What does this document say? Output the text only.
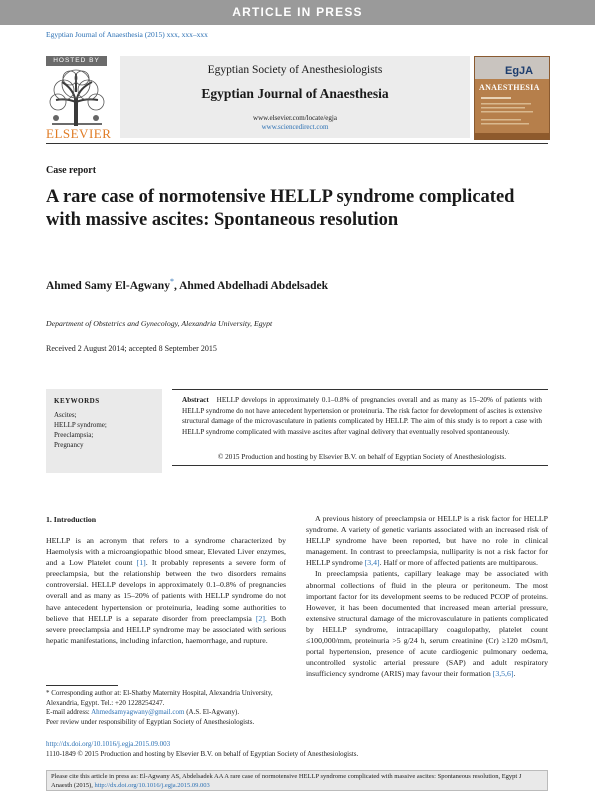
ARTICLE IN PRESS
Egyptian Journal of Anaesthesia (2015) xxx, xxx–xxx
HOSTED BY
ELSEVIER
Egyptian Society of Anesthesiologists
Egyptian Journal of Anaesthesia
www.elsevier.com/locate/egja
www.sciencedirect.com
EgJA
ANAESTHESIA
Case report
A rare case of normotensive HELLP syndrome complicated with massive ascites: Spontaneous resolution
Ahmed Samy El-Agwany*, Ahmed Abdelhadi Abdelsadek
Department of Obstetrics and Gynecology, Alexandria University, Egypt
Received 2 August 2014; accepted 8 September 2015
KEYWORDS
Ascites;
HELLP syndrome;
Preeclampsia;
Pregnancy
Abstract HELLP develops in approximately 0.1–0.8% of pregnancies overall and as many as 15–20% of patients with HELLP syndrome do not have antecedent hypertension or proteinuria. The risk factor for development of ascites is extensive structural damage of the microvasculature in patients complicated by HELLP. The aim of this study is to report a case with HELLP syndrome complicated with massive ascites after vaginal delivery that eventually resolved spontaneously.
© 2015 Production and hosting by Elsevier B.V. on behalf of Egyptian Society of Anesthesiologists.
1. Introduction

HELLP is an acronym that refers to a syndrome characterized by Haemolysis with a microangiopathic blood smear, Elevated Liver enzymes, and a Low Platelet count [1]. It probably represents a severe form of preeclampsia, but the relationship between the two disorders remains controversial. HELLP develops in approximately 0.1–0.8% of pregnancies overall and as many as 15–20% of patients with HELLP syndrome do not have antecedent hypertension or proteinuria, leading some authorities to believe that HELLP is a separate disorder from preeclampsia [2]. Both severe preeclampsia and HELLP syndrome may be associated with serious hepatic manifestations, including infarction, haemorrhage, and rupture.

A previous history of preeclampsia or HELLP is a risk factor for HELLP syndrome. A variety of genetic variants associated with an increased risk of HELLP syndrome have been reported, but have no role in clinical management. In contrast to preeclampsia, nulliparity is not a risk factor for HELLP syndrome [3,4]. Half or more of affected patients are multiparous.

In preeclampsia patients, capillary leakage may be associated with abnormal collections of fluid in the pleura or peritoneum. The most important factor for its development seems to be reduced PCOP of proteins. However, it has been documented that increased mean arterial pressure, extensive structural damage of the microvasculature in patients complicated by HELLP syndrome, intracapillary coagulopathy, platelet count ≤100,000/mm, proteinuria >5 g/24 h, serum creatinine (Cr) ≥120 mOsm/l, portal hypertension, presence of acute cardiogenic pulmonary oedema, uncontrolled systolic arterial pressure (SAP) and adult respiratory insufficiency syndrome (ARIS) may favour their formation [3,5,6].

* Corresponding author at: El-Shatby Maternity Hospital, Alexandria University, Alexandria, Egypt. Tel.: +20 1228254247.

E-mail address: Ahmedsamyagwany@gmail.com (A.S. El-Agwany).

Peer review under responsibility of Egyptian Society of Anesthesiologists.

http://dx.doi.org/10.1016/j.egja.2015.09.003
1110-1849 © 2015 Production and hosting by Elsevier B.V. on behalf of Egyptian Society of Anesthesiologists.
Please cite this article in press as: El-Agwany AS, Abdelsadek AA A rare case of normotensive HELLP syndrome complicated with massive ascites: Spontaneous resolution, Egypt J Anaesth (2015), http://dx.doi.org/10.1016/j.egja.2015.09.003
